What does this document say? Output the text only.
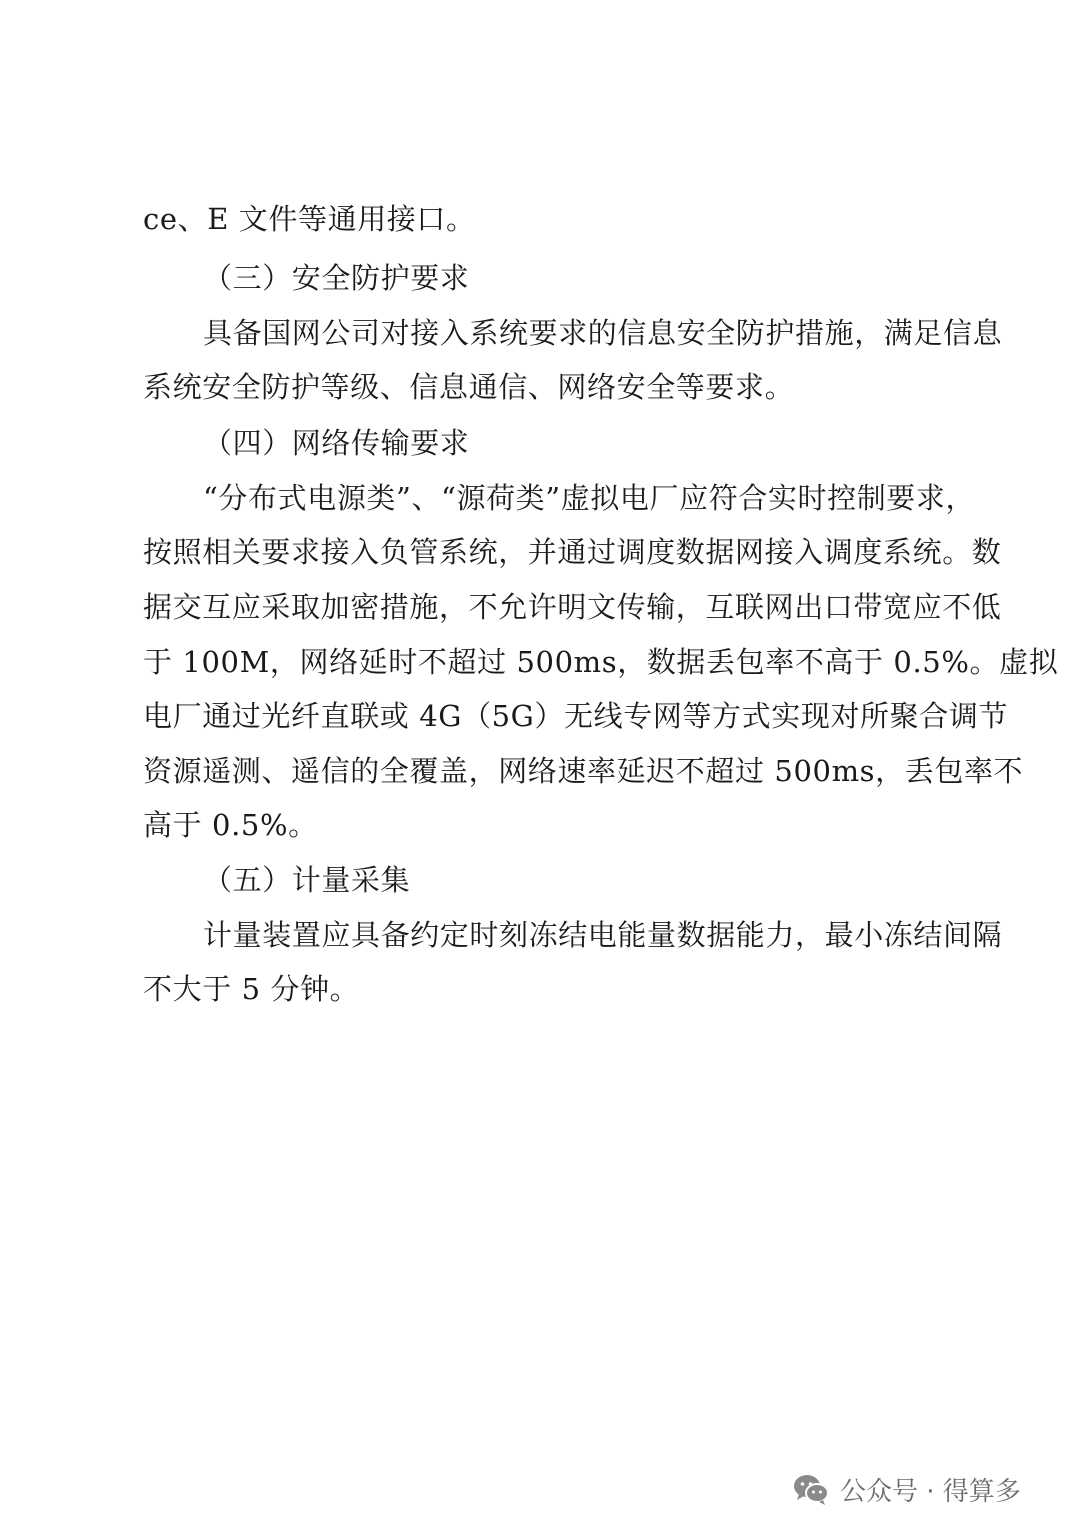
ce、E 文件等通用接口。
（三）安全防护要求
具备国网公司对接入系统要求的信息安全防护措施，满足信息
系统安全防护等级、信息通信、网络安全等要求。
（四）网络传输要求
“分布式电源类”、“源荷类”虚拟电厂应符合实时控制要求，
按照相关要求接入负管系统，并通过调度数据网接入调度系统。数
据交互应采取加密措施，不允许明文传输，互联网出口带宽应不低
于 100M，网络延时不超过 500ms，数据丢包率不高于 0.5%。虚拟
电厂通过光纤直联或 4G（5G）无线专网等方式实现对所聚合调节
资源遥测、遥信的全覆盖，网络速率延迟不超过 500ms，丢包率不
高于 0.5%。
（五）计量采集
计量装置应具备约定时刻冻结电能量数据能力，最小冻结间隔
不大于 5 分钟。
公众号 · 得算多
